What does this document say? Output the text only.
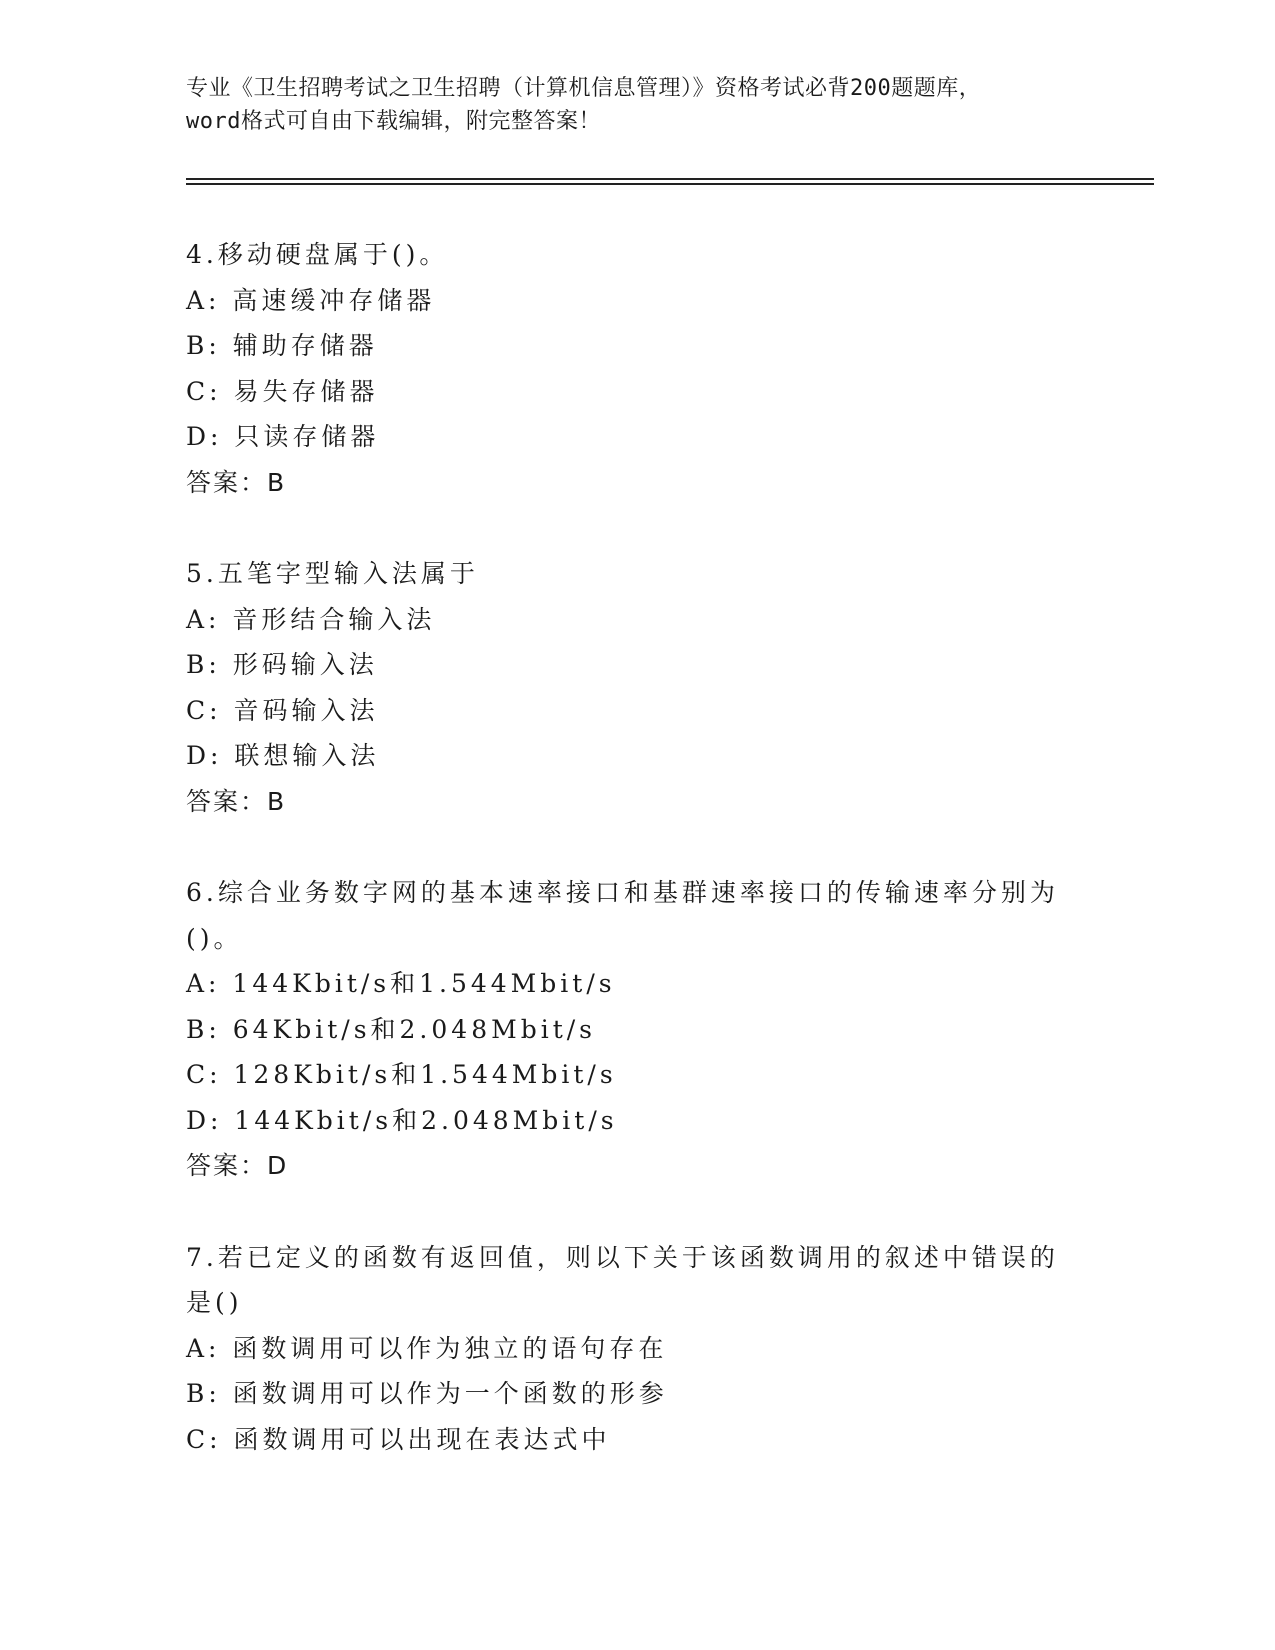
专业《卫生招聘考试之卫生招聘（计算机信息管理）》资格考试必背200题题库，
word格式可自由下载编辑，附完整答案！
4.移动硬盘属于()。
A: 高速缓冲存储器
B: 辅助存储器
C: 易失存储器
D: 只读存储器
答案：B
5.五笔字型输入法属于
A: 音形结合输入法
B: 形码输入法
C: 音码输入法
D: 联想输入法
答案：B
6.综合业务数字网的基本速率接口和基群速率接口的传输速率分别为
()。
A: 144Kbit/s和1.544Mbit/s
B: 64Kbit/s和2.048Mbit/s
C: 128Kbit/s和1.544Mbit/s
D: 144Kbit/s和2.048Mbit/s
答案：D
7.若已定义的函数有返回值，则以下关于该函数调用的叙述中错误的
是()
A: 函数调用可以作为独立的语句存在
B: 函数调用可以作为一个函数的形参
C: 函数调用可以出现在表达式中
